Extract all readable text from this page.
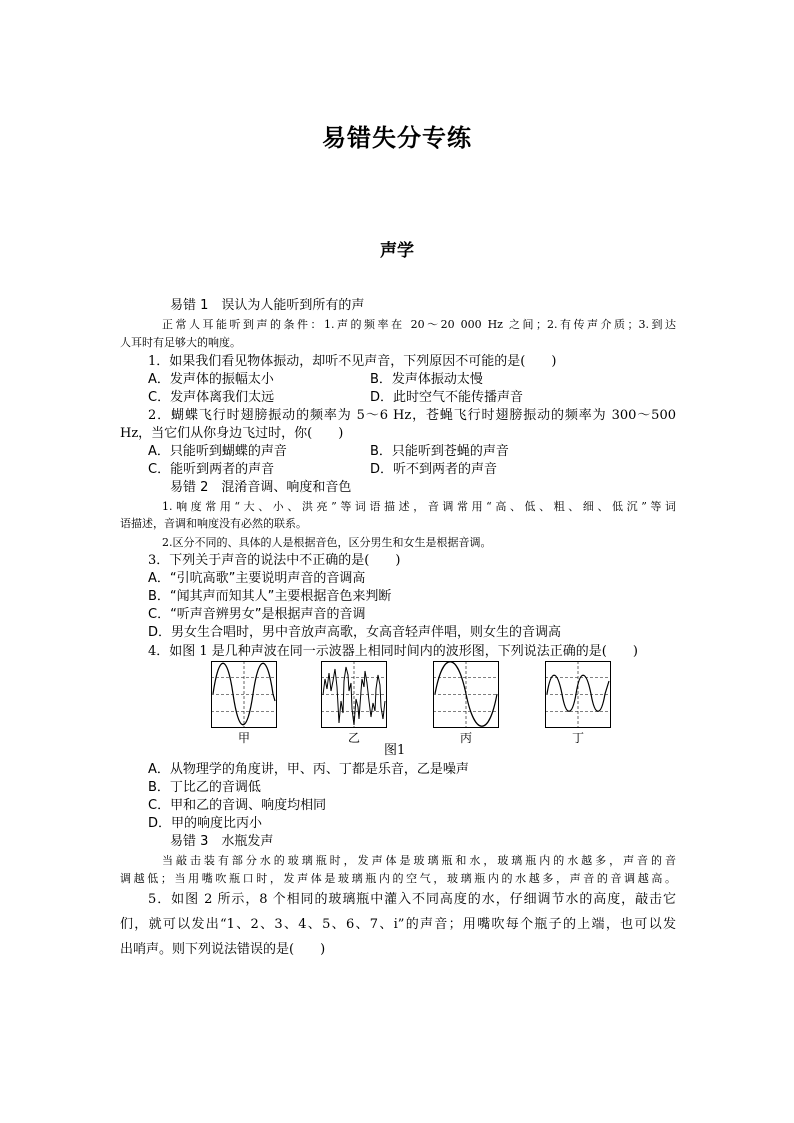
易错失分专练
声学
易错 1　误认为人能听到所有的声
正常人耳能听到声的条件：1.声的频率在 20～20 000 Hz 之间；2.有传声介质；3.到达
人耳时有足够大的响度。
1．如果我们看见物体振动，却听不见声音，下列原因不可能的是(　　)
A．发声体的振幅太小	B．发声体振动太慢
C．发声体离我们太远	D．此时空气不能传播声音
2．蝴蝶飞行时翅膀振动的频率为 5～6 Hz，苍蝇飞行时翅膀振动的频率为 300～500
Hz，当它们从你身边飞过时，你(　　)
A．只能听到蝴蝶的声音	B．只能听到苍蝇的声音
C．能听到两者的声音	D．听不到两者的声音
易错 2　混淆音调、响度和音色
1.响度常用“大、小、洪亮”等词语描述，音调常用“高、低、粗、细、低沉”等词
语描述，音调和响度没有必然的联系。
2.区分不同的、具体的人是根据音色，区分男生和女生是根据音调。
3．下列关于声音的说法中不正确的是(　　)
A．“引吭高歌”主要说明声音的音调高
B．“闻其声而知其人”主要根据音色来判断
C．“听声音辨男女”是根据声音的音调
D．男女生合唱时，男中音放声高歌，女高音轻声伴唱，则女生的音调高
4．如图 1 是几种声波在同一示波器上相同时间内的波形图，下列说法正确的是(　　)
甲	乙	丙	丁
图1
A．从物理学的角度讲，甲、丙、丁都是乐音，乙是噪声
B．丁比乙的音调低
C．甲和乙的音调、响度均相同
D．甲的响度比丙小
易错 3　水瓶发声
当敲击装有部分水的玻璃瓶时，发声体是玻璃瓶和水，玻璃瓶内的水越多，声音的音
调越低；当用嘴吹瓶口时，发声体是玻璃瓶内的空气，玻璃瓶内的水越多，声音的音调越高。
5．如图 2 所示，8 个相同的玻璃瓶中灌入不同高度的水，仔细调节水的高度，敲击它
们，就可以发出“1、2、3、4、5、6、7、i̇”的声音；用嘴吹每个瓶子的上端，也可以发
出哨声。则下列说法错误的是(　　)
